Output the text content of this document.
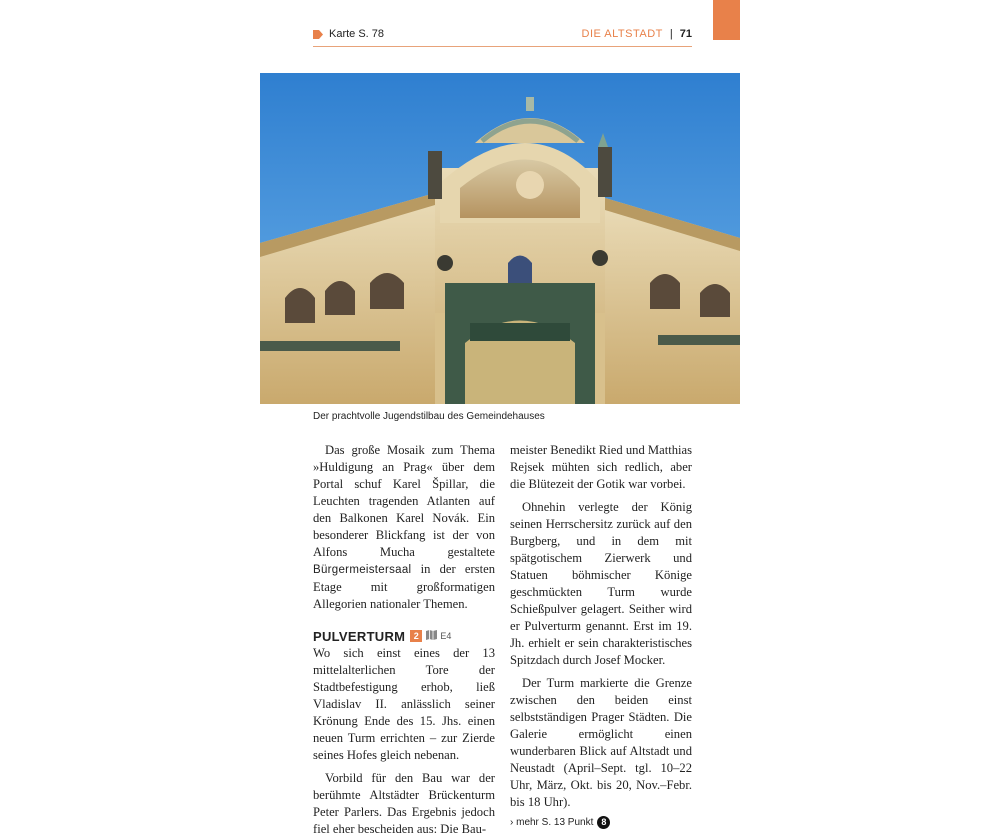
Karte S. 78	DIE ALTSTADT | 71
Der prachtvolle Jugendstilbau des Gemeindehauses

Das große Mosaik zum Thema »Huldigung an Prag« über dem Portal schuf Karel Špillar, die Leuchten tragenden Atlanten auf den Balkonen Karel Novák. Ein besonderer Blickfang ist der von Alfons Mucha gestaltete Bürgermeistersaal in der ersten Etage mit großformatigen Allegorien nationaler Themen.

PULVERTURM 2	E4

Wo sich einst eines der 13 mittelalterlichen Tore der Stadtbefestigung erhob, ließ Vladislav II. anlässlich seiner Krönung Ende des 15. Jhs. einen neuen Turm errichten – zur Zierde seines Hofes gleich nebenan.

Vorbild für den Bau war der berühmte Altstädter Brückenturm Peter Parlers. Das Ergebnis jedoch fiel eher bescheiden aus: Die Bau-

meister Benedikt Ried und Matthias Rejsek mühten sich redlich, aber die Blütezeit der Gotik war vorbei.

Ohnehin verlegte der König seinen Herrschersitz zurück auf den Burgberg, und in dem mit spätgotischem Zierwerk und Statuen böhmischer Könige geschmückten Turm wurde Schießpulver gelagert. Seither wird er Pulverturm genannt. Erst im 19. Jh. erhielt er sein charakteristisches Spitzdach durch Josef Mocker.

Der Turm markierte die Grenze zwischen den beiden einst selbstständigen Prager Städten. Die Galerie ermöglicht einen wunderbaren Blick auf Altstadt und Neustadt (April–Sept. tgl. 10–22 Uhr, März, Okt. bis 20, Nov.–Febr. bis 18 Uhr).

› mehr S. 13 Punkt 8
